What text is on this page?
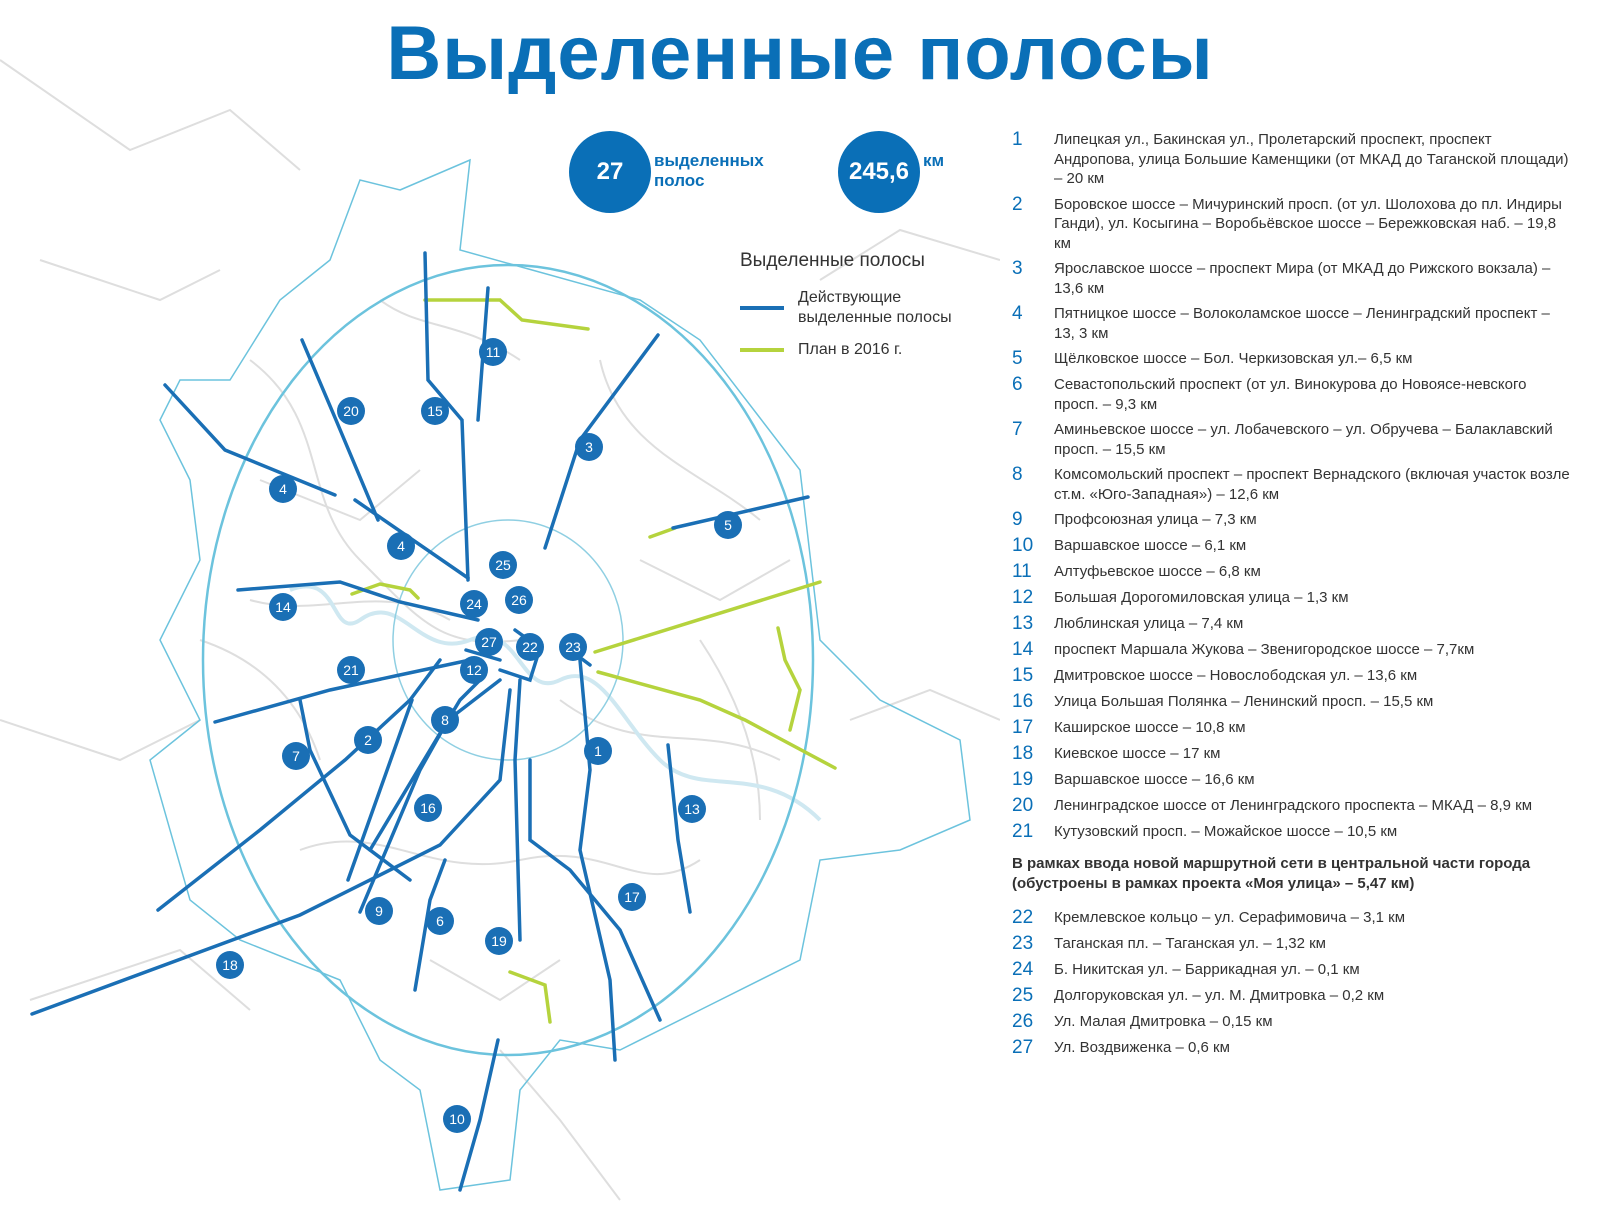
Выделенные полосы
1
2
3
4
4
5
6
7
8
9
10
11
12
13
14
15
16
17
18
19
20
21
22 23
24
25
26
27
27	выделенных
полос	245,6 км
Выделенные полосы
Действующие
выделенные полосы
План в 2016 г.
1	Липецкая ул., Бакинская ул., Пролетарский проспект, проспект Андропова, улица Большие Каменщики (от МКАД до Таганской площади) – 20 км
2	Боровское шоссе – Мичуринский просп. (от ул. Шолохова до пл. Индиры Ганди), ул. Косыгина – Воробьёвское шоссе – Бережковская наб. – 19,8 км
3	Ярославское шоссе – проспект Мира (от МКАД до Рижского вокзала) – 13,6 км
4	Пятницкое шоссе – Волоколамское шоссе – Ленинградский проспект – 13, 3 км
5	Щёлковское шоссе – Бол. Черкизовская ул.– 6,5 км
6	Севастопольский проспект (от ул. Винокурова до Новоясе-невского просп. – 9,3 км
7	Аминьевское шоссе – ул. Лобачевского – ул. Обручева – Балаклавский просп. – 15,5 км
8	Комсомольский проспект – проспект Вернадского (включая участок возле ст.м. «Юго-Западная») – 12,6 км
9	Профсоюзная улица – 7,3 км
10	Варшавское шоссе – 6,1 км
11	Алтуфьевское шоссе – 6,8 км
12	Большая Дорогомиловская улица – 1,3 км
13	Люблинская улица – 7,4 км
14	проспект Маршала Жукова – Звенигородское шоссе – 7,7км
15	Дмитровское шоссе – Новослободская ул. – 13,6 км
16	Улица Большая Полянка – Ленинский просп. – 15,5 км
17	Каширское шоссе – 10,8 км
18	Киевское шоссе – 17 км
19	Варшавское шоссе – 16,6 км
20	Ленинградское шоссе от Ленинградского проспекта – МКАД – 8,9 км
21	Кутузовский просп. – Можайское шоссе – 10,5 км
В рамках ввода новой маршрутной сети в центральной части города (обустроены в рамках проекта «Моя улица» – 5,47 км)
22	Кремлевское кольцо – ул. Серафимовича – 3,1 км
23	Таганская пл. – Таганская ул. – 1,32 км
24	Б. Никитская ул. – Баррикадная ул. – 0,1 км
25	Долгоруковская ул. – ул. М. Дмитровка – 0,2 км
26	Ул. Малая Дмитровка – 0,15 км
27	Ул. Воздвиженка – 0,6 км
